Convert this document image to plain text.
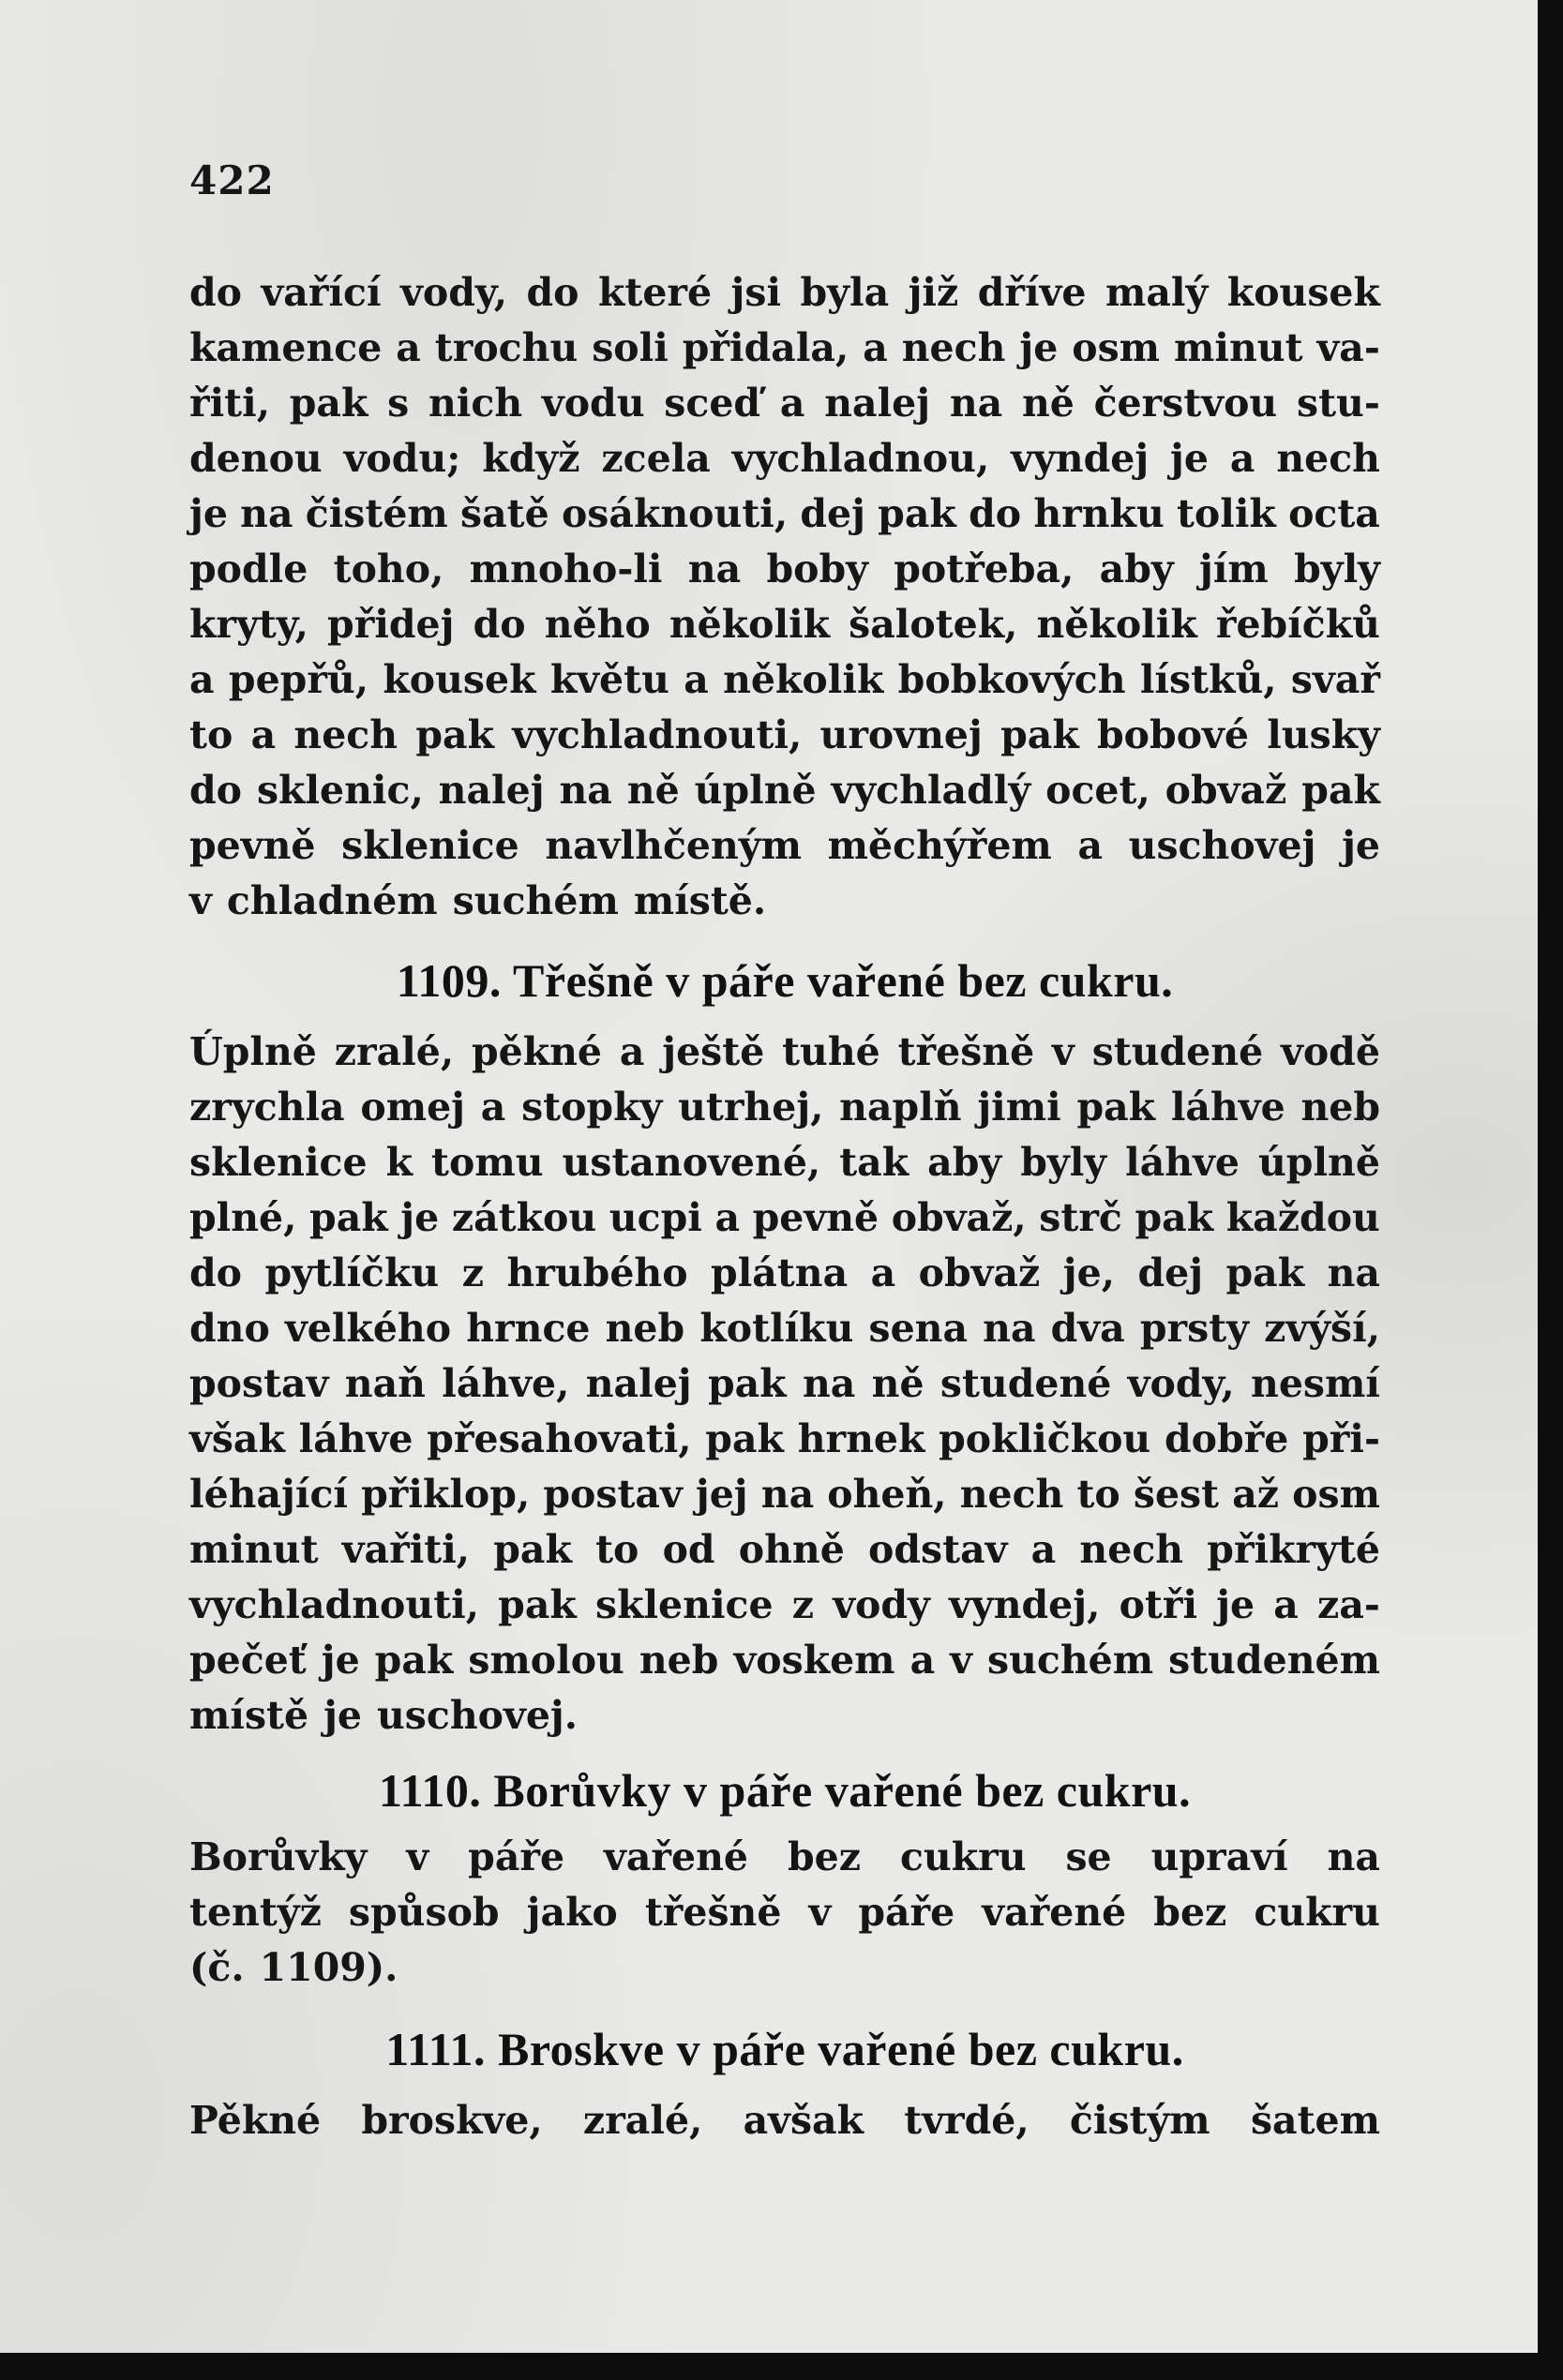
422
do vařící vody, do které jsi byla již dříve malý kousek
kamence a trochu soli přidala, a nech je osm minut va-
řiti, pak s nich vodu sceď a nalej na ně čerstvou stu-
denou vodu; když zcela vychladnou, vyndej je a nech
je na čistém šatě osáknouti, dej pak do hrnku tolik octa
podle toho, mnoho-li na boby potřeba, aby jím byly
kryty, přidej do něho několik šalotek, několik řebíčků
a pepřů, kousek květu a několik bobkových lístků, svař
to a nech pak vychladnouti, urovnej pak bobové lusky
do sklenic, nalej na ně úplně vychladlý ocet, obvaž pak
pevně sklenice navlhčeným měchýřem a uschovej je
v chladném suchém místě.
1109. Třešně v páře vařené bez cukru.
Úplně zralé, pěkné a ještě tuhé třešně v studené vodě
zrychla omej a stopky utrhej, naplň jimi pak láhve neb
sklenice k tomu ustanovené, tak aby byly láhve úplně
plné, pak je zátkou ucpi a pevně obvaž, strč pak každou
do pytlíčku z hrubého plátna a obvaž je, dej pak na
dno velkého hrnce neb kotlíku sena na dva prsty zvýší,
postav naň láhve, nalej pak na ně studené vody, nesmí
však láhve přesahovati, pak hrnek pokličkou dobře při-
léhající přiklop, postav jej na oheň, nech to šest až osm
minut vařiti, pak to od ohně odstav a nech přikryté
vychladnouti, pak sklenice z vody vyndej, otři je a za-
pečeť je pak smolou neb voskem a v suchém studeném
místě je uschovej.
1110. Borůvky v páře vařené bez cukru.
Borůvky v páře vařené bez cukru se upraví na
tentýž spůsob jako třešně v páře vařené bez cukru
(č. 1109).
1111. Broskve v páře vařené bez cukru.
Pěkné broskve, zralé, avšak tvrdé, čistým šatem
